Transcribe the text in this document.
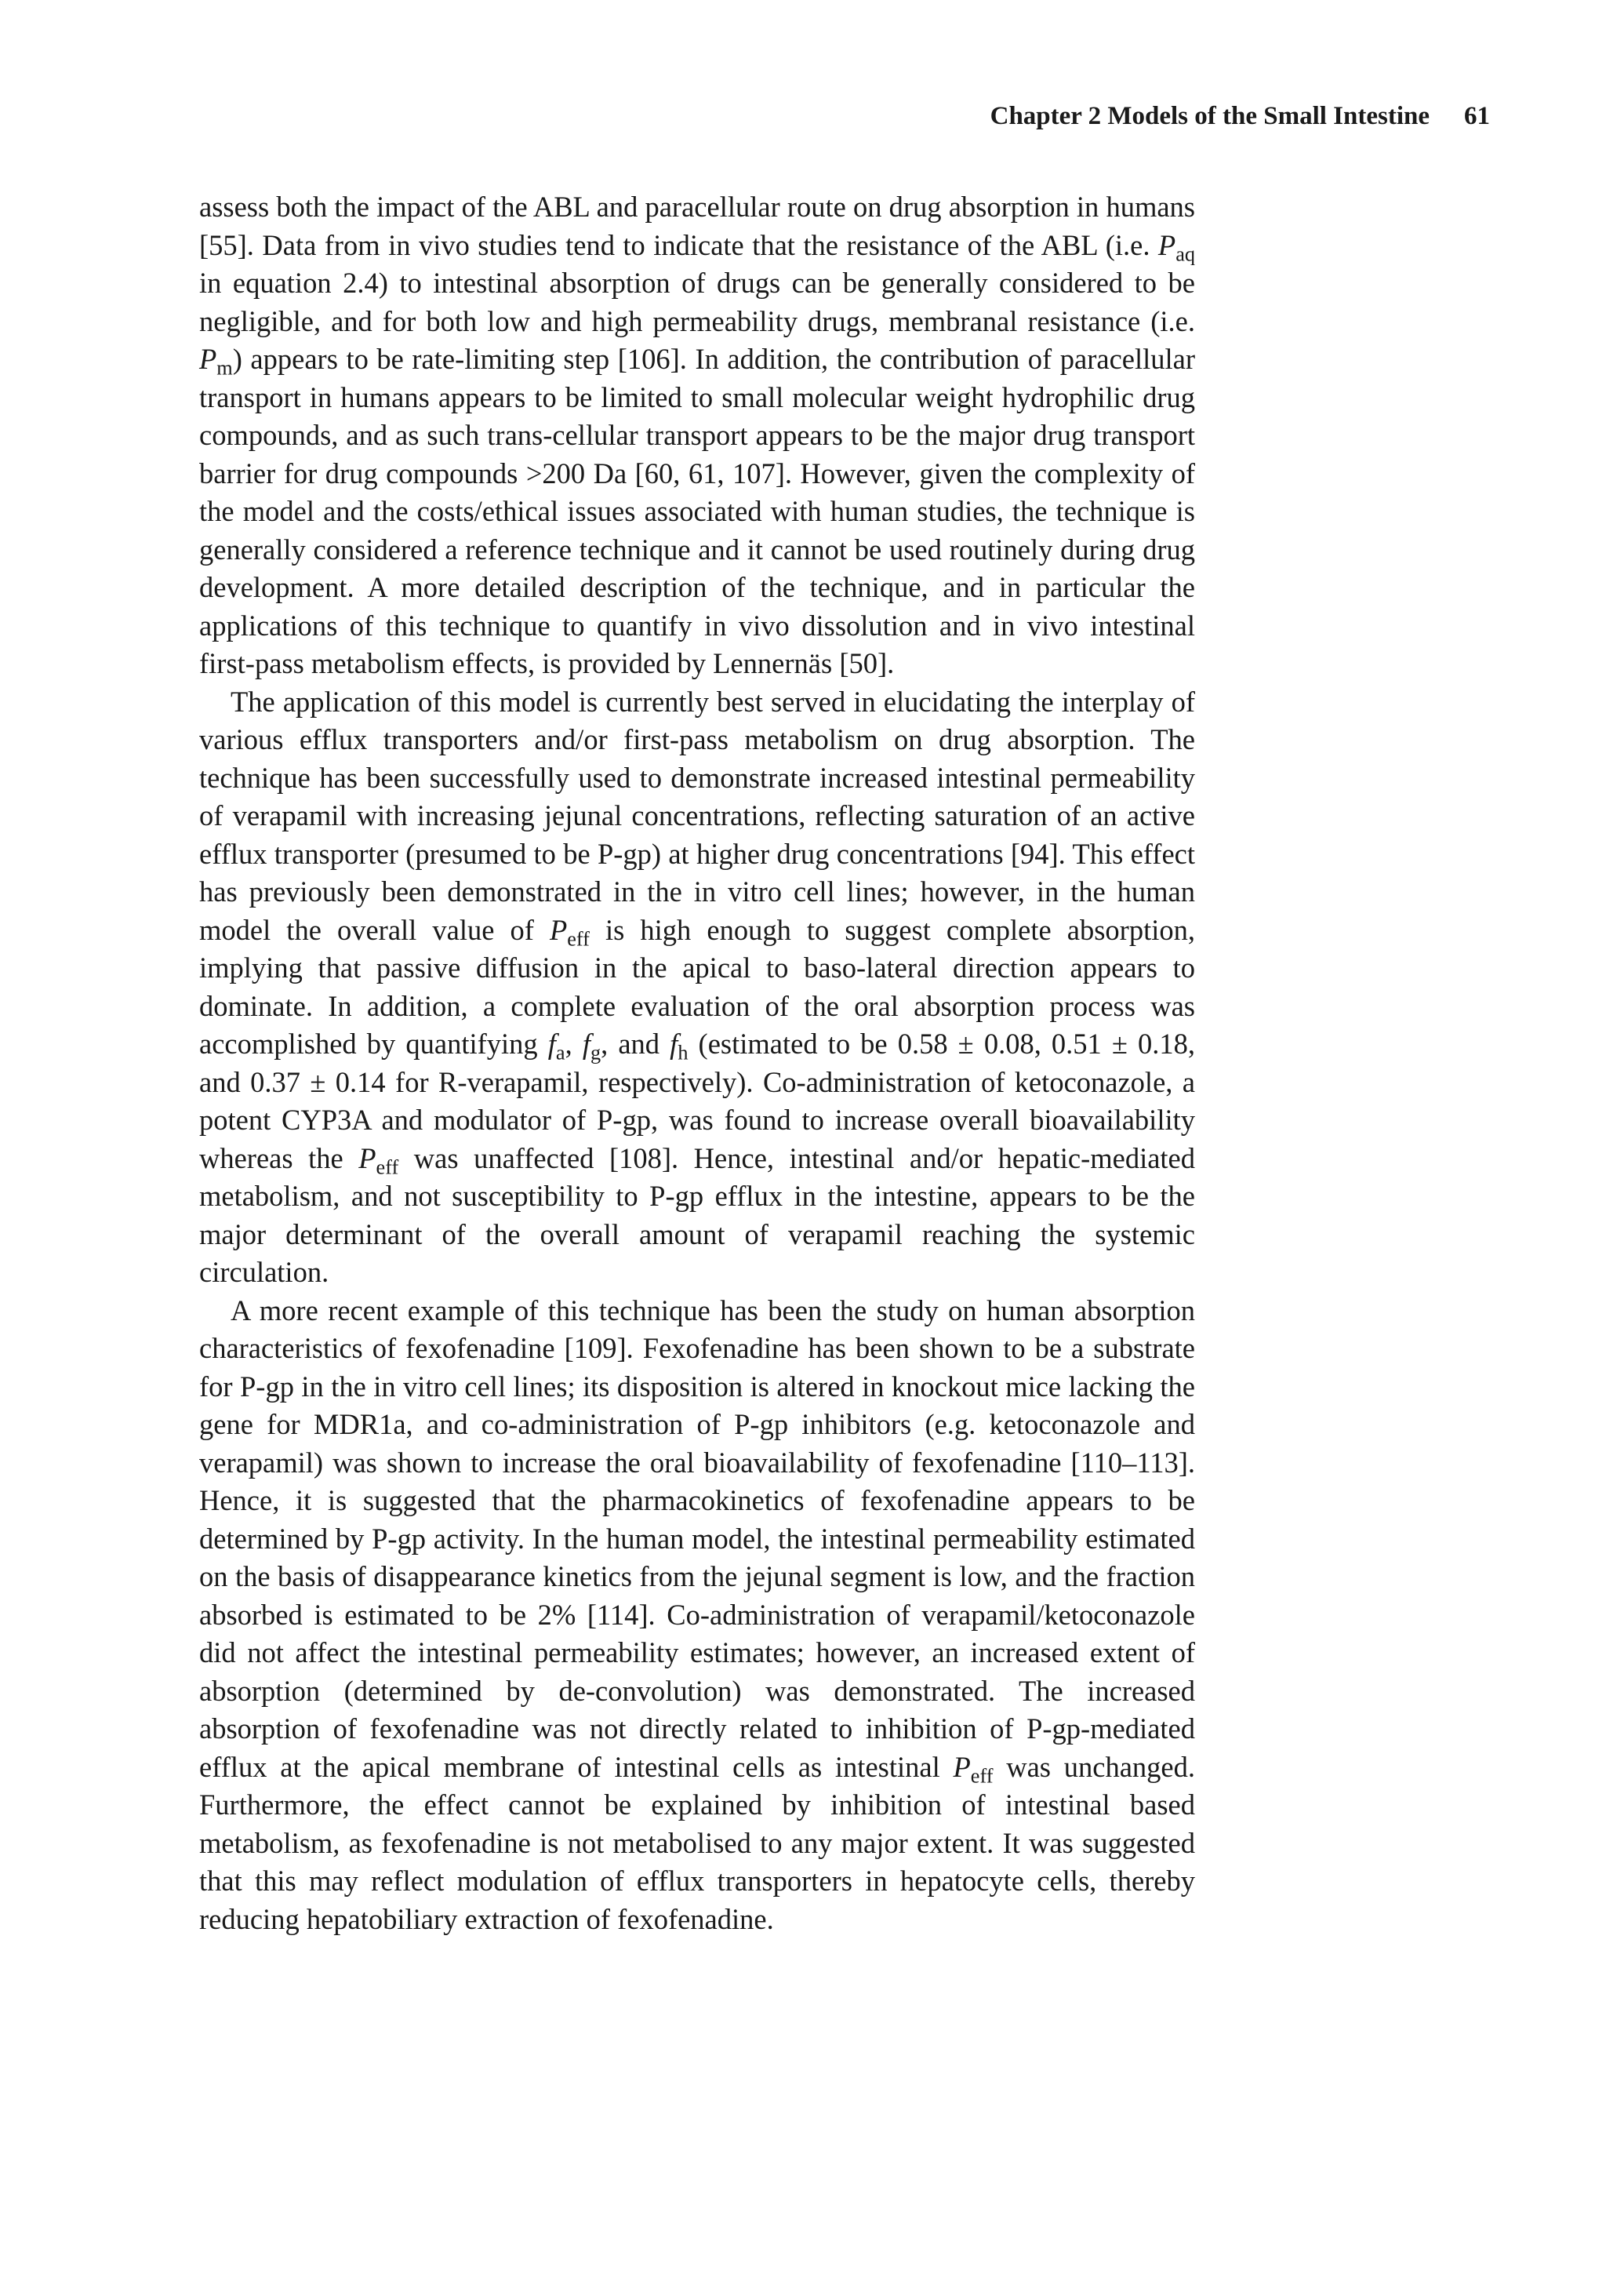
Chapter 2 Models of the Small Intestine 61

assess both the impact of the ABL and paracellular route on drug absorption in humans [55]. Data from in vivo studies tend to indicate that the resistance of the ABL (i.e. $P_{aq}$ in equation 2.4) to intestinal absorption of drugs can be generally considered to be negligible, and for both low and high permeability drugs, membranal resistance (i.e. $P_m$) appears to be rate-limiting step [106]. In addition, the contribution of paracellular transport in humans appears to be limited to small molecular weight hydrophilic drug compounds, and as such trans-cellular transport appears to be the major drug transport barrier for drug compounds >200 Da [60, 61, 107]. However, given the complexity of the model and the costs/ethical issues associated with human studies, the technique is generally considered a reference technique and it cannot be used routinely during drug development. A more detailed description of the technique, and in particular the applications of this technique to quantify in vivo dissolution and in vivo intestinal first-pass metabolism effects, is provided by Lennernäs [50].

The application of this model is currently best served in elucidating the interplay of various efflux transporters and/or first-pass metabolism on drug absorption. The technique has been successfully used to demonstrate increased intestinal permeability of verapamil with increasing jejunal concentrations, reflecting saturation of an active efflux transporter (presumed to be P-gp) at higher drug concentrations [94]. This effect has previously been demonstrated in the in vitro cell lines; however, in the human model the overall value of $P_{eff}$ is high enough to suggest complete absorption, implying that passive diffusion in the apical to baso-lateral direction appears to dominate. In addition, a complete evaluation of the oral absorption process was accomplished by quantifying $f_a$, $f_g$, and $f_h$ (estimated to be 0.58 ± 0.08, 0.51 ± 0.18, and 0.37 ± 0.14 for R-verapamil, respectively). Co-administration of ketoconazole, a potent CYP3A and modulator of P-gp, was found to increase overall bioavailability whereas the $P_{eff}$ was unaffected [108]. Hence, intestinal and/or hepatic-mediated metabolism, and not susceptibility to P-gp efflux in the intestine, appears to be the major determinant of the overall amount of verapamil reaching the systemic circulation.

A more recent example of this technique has been the study on human absorption characteristics of fexofenadine [109]. Fexofenadine has been shown to be a substrate for P-gp in the in vitro cell lines; its disposition is altered in knockout mice lacking the gene for MDR1a, and co-administration of P-​gp inhibitors (e.g. ketoconazole and verapamil) was shown to increase the oral bioavailability of fexofenadine [110–113]. Hence, it is suggested that the pharmacokinetics of fexofenadine appears to be determined by P-gp activity. In the human model, the intestinal permeability estimated on the basis of disappearance kinetics from the jejunal segment is low, and the fraction absorbed is estimated to be 2% [114]. Co-administration of verapamil/ketoconazole did not affect the intestinal permeability estimates; however, an increased extent of absorption (determined by de-convolution) was demonstrated. The increased absorption of fexofenadine was not directly related to inhibition of P-gp-​mediated efflux at the apical membrane of intestinal cells as intestinal $P_{eff}$ was unchanged. Furthermore, the effect cannot be explained by inhibition of intestinal based metabolism, as fexofenadine is not metabolised to any major extent. It was suggested that this may reflect modulation of efflux transporters in hepatocyte cells, thereby reducing hepatobiliary extraction of fexofenadine.
